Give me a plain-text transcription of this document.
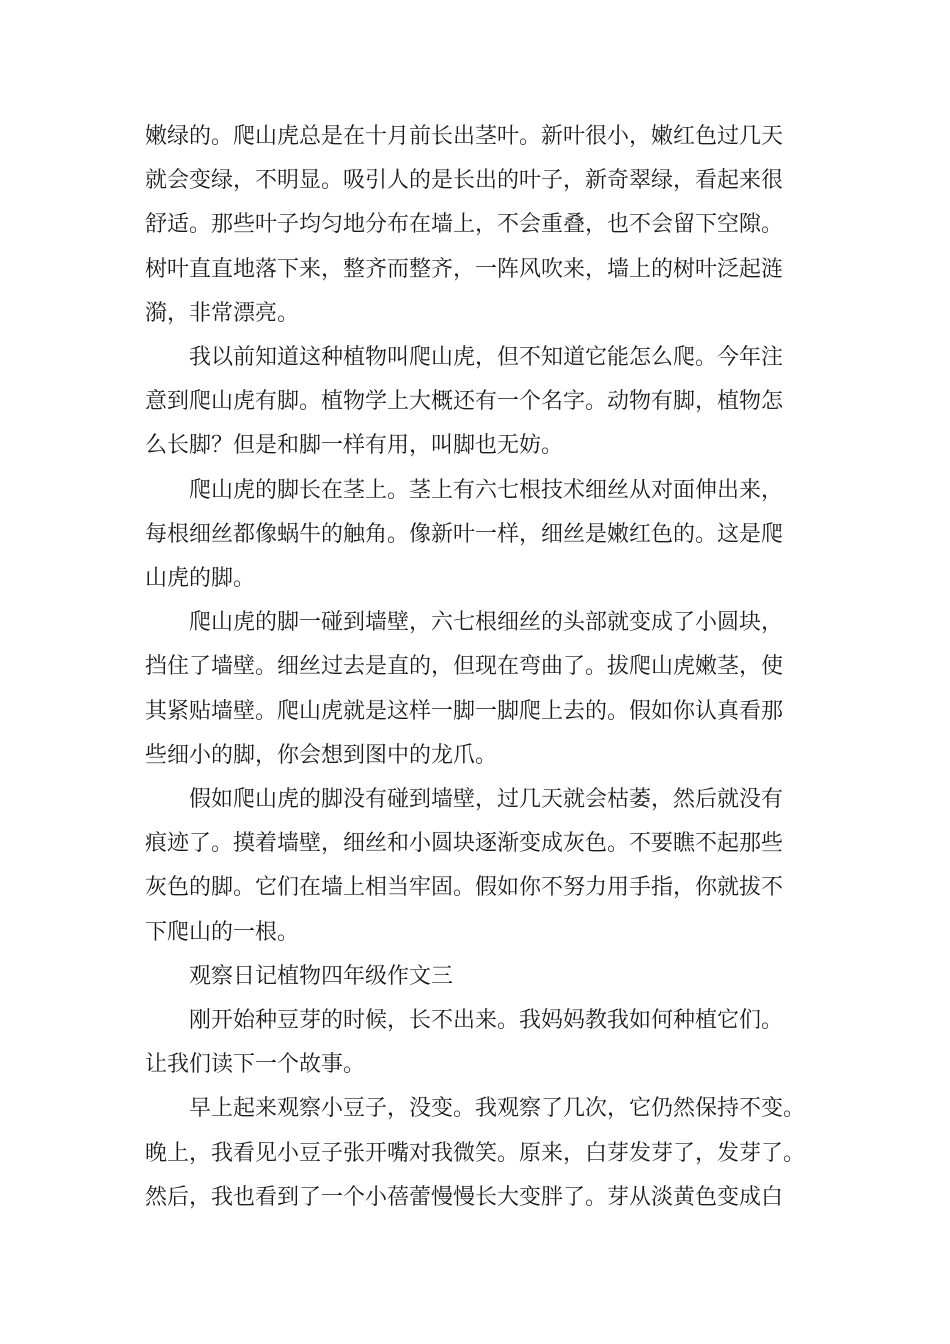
嫩绿的。爬山虎总是在十月前长出茎叶。新叶很小，嫩红色过几天
就会变绿，不明显。吸引人的是长出的叶子，新奇翠绿，看起来很
舒适。那些叶子均匀地分布在墙上，不会重叠，也不会留下空隙。
树叶直直地落下来，整齐而整齐，一阵风吹来，墙上的树叶泛起涟
漪，非常漂亮。

我以前知道这种植物叫爬山虎，但不知道它能怎么爬。今年注
意到爬山虎有脚。植物学上大概还有一个名字。动物有脚，植物怎
么长脚？但是和脚一样有用，叫脚也无妨。

爬山虎的脚长在茎上。茎上有六七根技术细丝从对面伸出来，
每根细丝都像蜗牛的触角。像新叶一样，细丝是嫩红色的。这是爬
山虎的脚。

爬山虎的脚一碰到墙壁，六七根细丝的头部就变成了小圆块，
挡住了墙壁。细丝过去是直的，但现在弯曲了。拔爬山虎嫩茎，使
其紧贴墙壁。爬山虎就是这样一脚一脚爬上去的。假如你认真看那
些细小的脚，你会想到图中的龙爪。

假如爬山虎的脚没有碰到墙壁，过几天就会枯萎，然后就没有
痕迹了。摸着墙壁，细丝和小圆块逐渐变成灰色。不要瞧不起那些
灰色的脚。它们在墙上相当牢固。假如你不努力用手指，你就拔不
下爬山的一根。

观察日记植物四年级作文三

刚开始种豆芽的时候，长不出来。我妈妈教我如何种植它们。
让我们读下一个故事。

早上起来观察小豆子，没变。我观察了几次，它仍然保持不变。
晚上，我看见小豆子张开嘴对我微笑。原来，白芽发芽了，发芽了。
然后，我也看到了一个小蓓蕾慢慢长大变胖了。芽从淡黄色变成白
